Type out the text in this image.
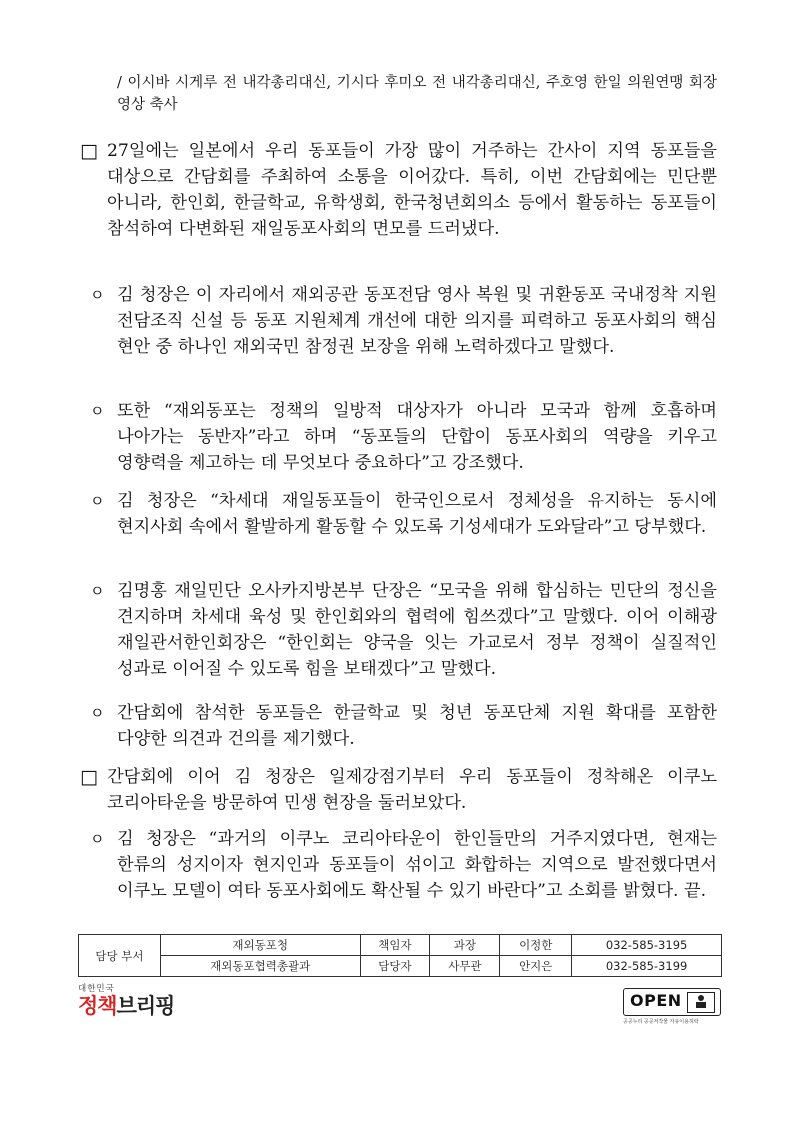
/ 이시바 시게루 전 내각총리대신, 기시다 후미오 전 내각총리대신, 주호영 한일 의원연맹 회장 영상 축사

□ 27일에는 일본에서 우리 동포들이 가장 많이 거주하는 간사이 지역 동포들을 대상으로 간담회를 주최하여 소통을 이어갔다. 특히, 이번 간담회에는 민단뿐 아니라, 한인회, 한글학교, 유학생회, 한국청년회의소 등에서 활동하는 동포들이 참석하여 다변화된 재일동포사회의 면모를 드러냈다.
ㅇ 김 청장은 이 자리에서 재외공관 동포전담 영사 복원 및 귀환동포 국내정착 지원 전담조직 신설 등 동포 지원체계 개선에 대한 의지를 피력하고 동포사회의 핵심 현안 중 하나인 재외국민 참정권 보장을 위해 노력하겠다고 말했다.
ㅇ 또한 “재외동포는 정책의 일방적 대상자가 아니라 모국과 함께 호흡하며 나아가는 동반자”라고 하며 “동포들의 단합이 동포사회의 역량을 키우고 영향력을 제고하는 데 무엇보다 중요하다”고 강조했다.
ㅇ 김 청장은 “차세대 재일동포들이 한국인으로서 정체성을 유지하는 동시에 현지사회 속에서 활발하게 활동할 수 있도록 기성세대가 도와달라”고 당부했다.
ㅇ 김명홍 재일민단 오사카지방본부 단장은 “모국을 위해 합심하는 민단의 정신을 견지하며 차세대 육성 및 한인회와의 협력에 힘쓰겠다”고 말했다. 이어 이해광 재일관서한인회장은 “한인회는 양국을 잇는 가교로서 정부 정책이 실질적인 성과로 이어질 수 있도록 힘을 보태겠다”고 말했다.
ㅇ 간담회에 참석한 동포들은 한글학교 및 청년 동포단체 지원 확대를 포함한 다양한 의견과 건의를 제기했다.
□ 간담회에 이어 김 청장은 일제강점기부터 우리 동포들이 정착해온 이쿠노 코리아타운을 방문하여 민생 현장을 둘러보았다.
ㅇ 김 청장은 “과거의 이쿠노 코리아타운이 한인들만의 거주지였다면, 현재는 한류의 성지이자 현지인과 동포들이 섞이고 화합하는 지역으로 발전했다면서 이쿠노 모델이 여타 동포사회에도 확산될 수 있기 바란다”고 소회를 밝혔다. 끝.
담당 부서	재외동포청	책임자	과장	이정한	032-585-3195
	재외동포협력총괄과	담당자	사무관	안지은	032-585-3199
대한민국
정책브리핑	OPEN
공공누리 공공저작물 자유이용허락
